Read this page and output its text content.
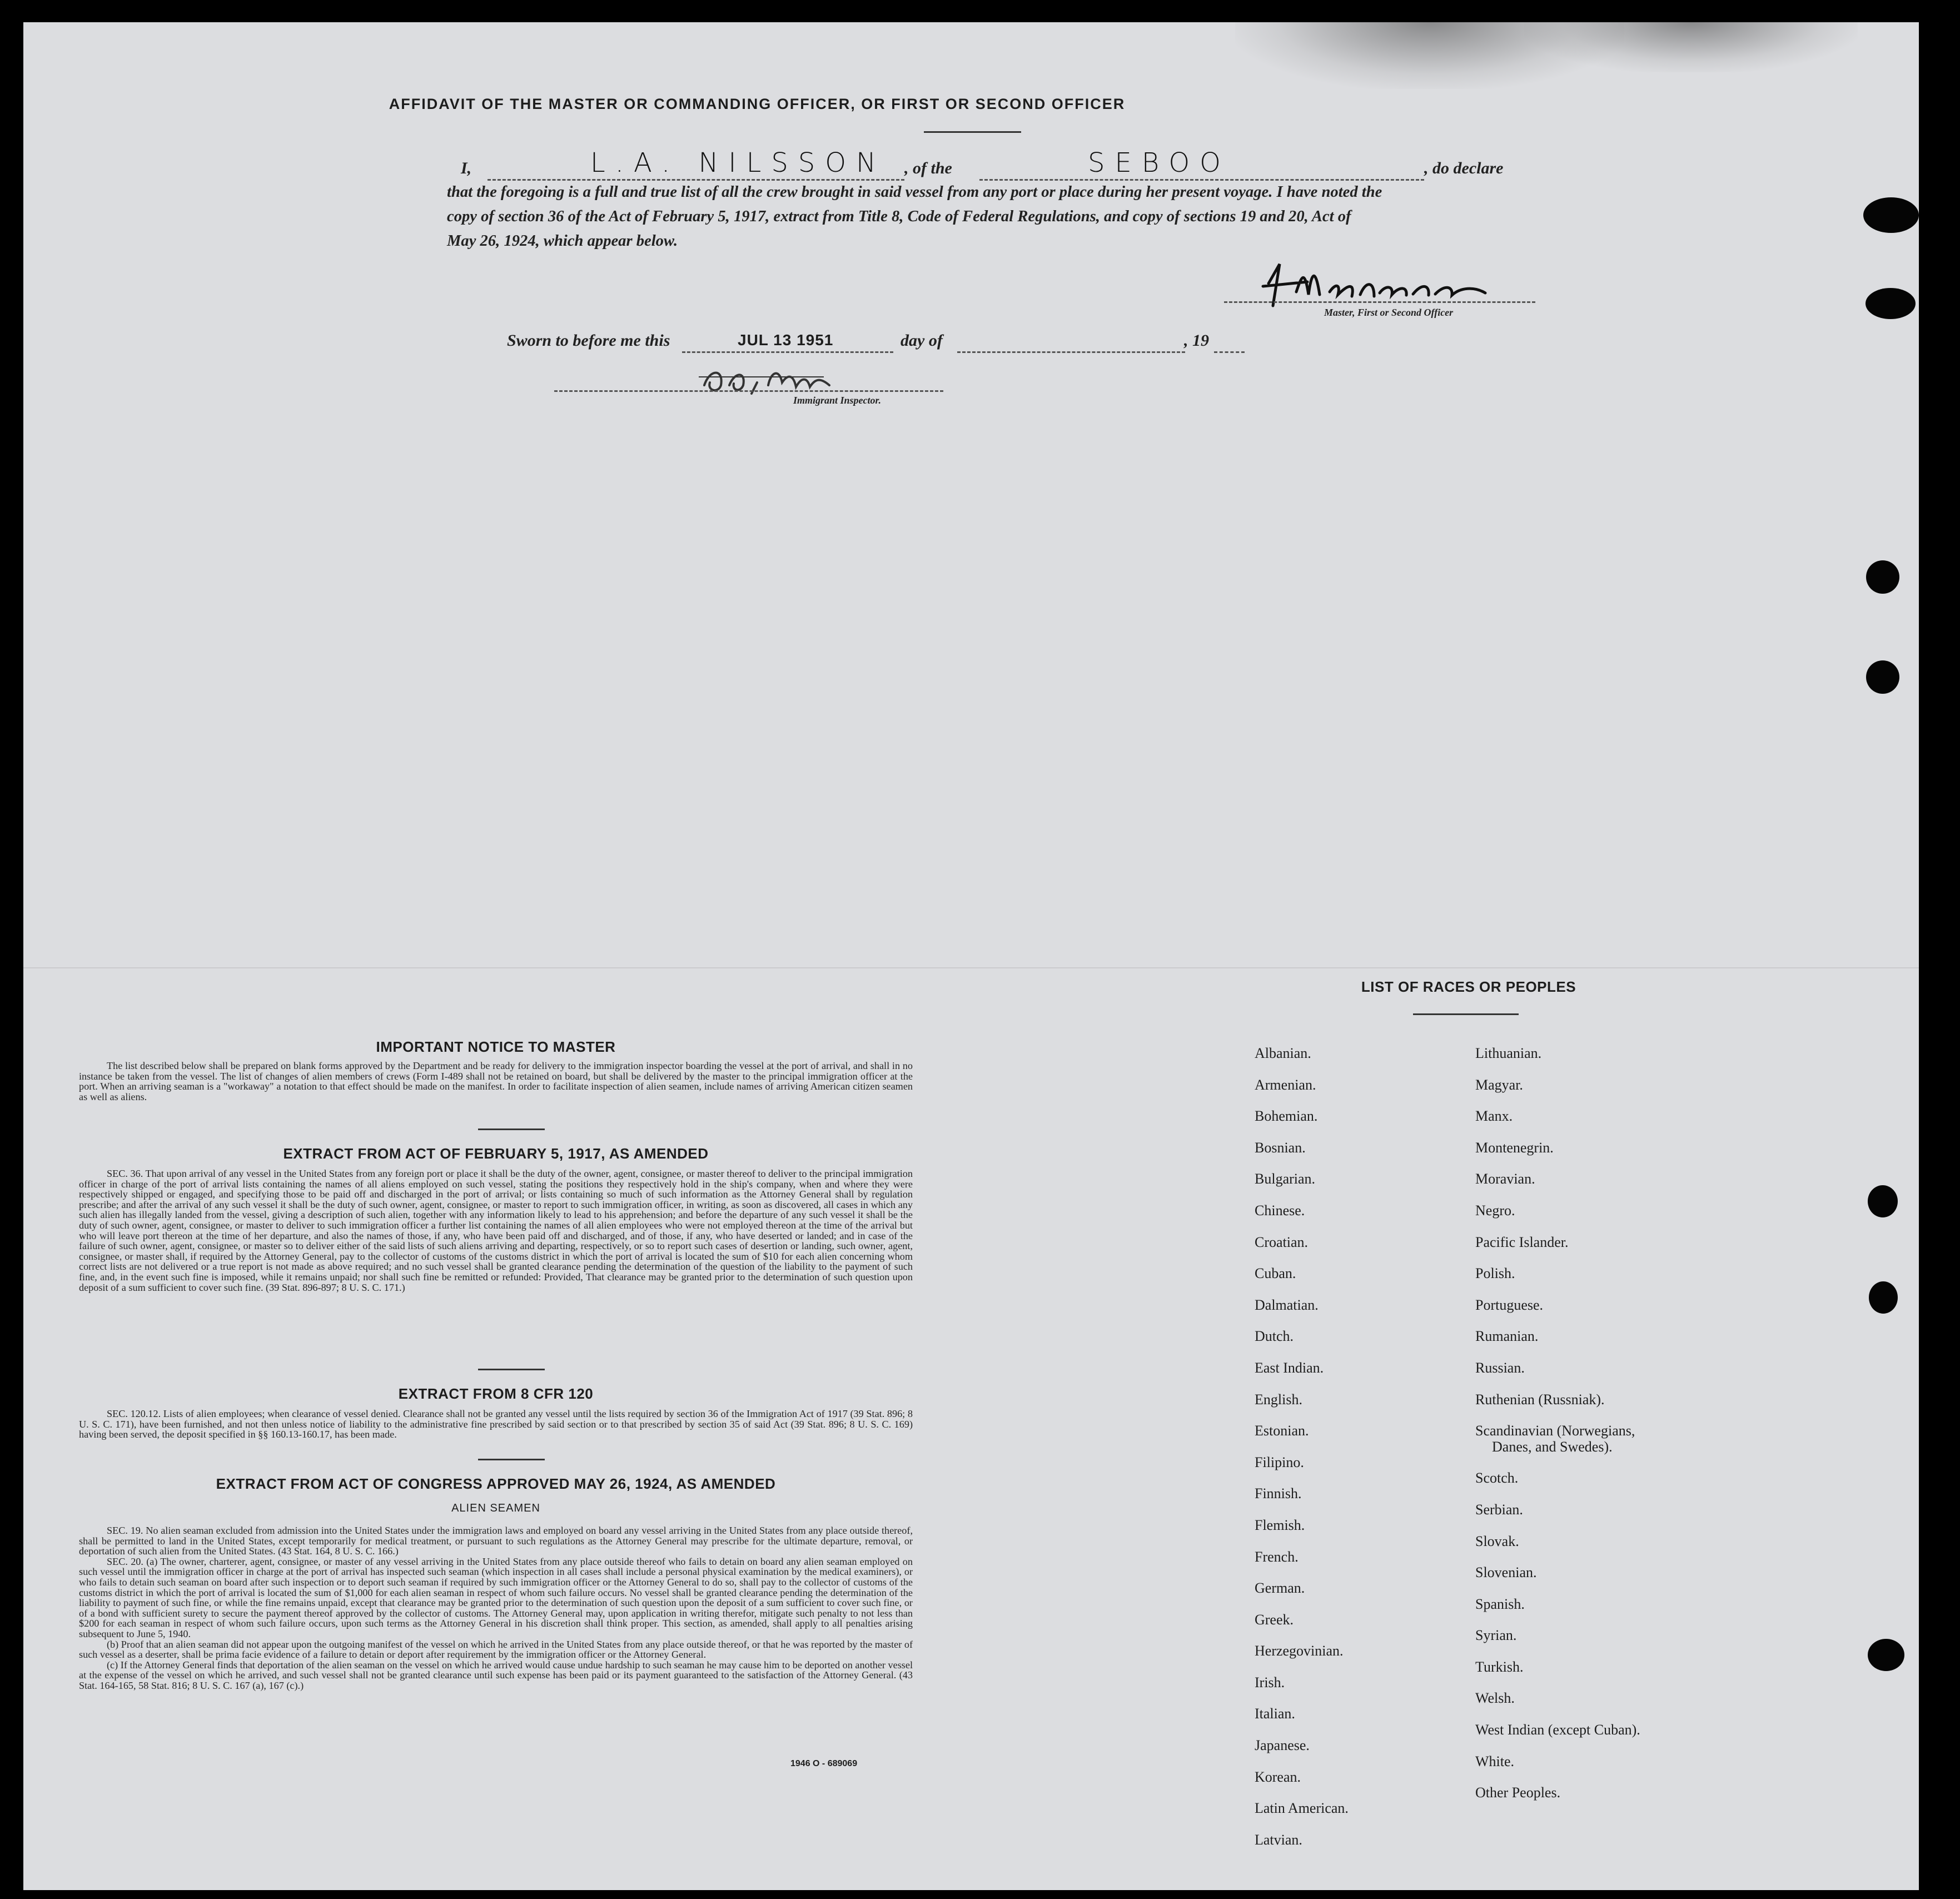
AFFIDAVIT OF THE MASTER OR COMMANDING OFFICER, OR FIRST OR SECOND OFFICER
I,	L.A. NILSSON , of the	SEBOO	, do declare
that the foregoing is a full and true list of all the crew brought in said vessel from any port or place during her present voyage. I have noted the
copy of section 36 of the Act of February 5, 1917, extract from Title 8, Code of Federal Regulations, and copy of sections 19 and 20, Act of
May 26, 1924, which appear below.
Master, First or Second Officer
Sworn to before me this	JUL 13 1951	day of	, 19
Immigrant Inspector.
IMPORTANT NOTICE TO MASTER

The list described below shall be prepared on blank forms approved by the Department and be ready for delivery to the immigration inspector boarding the vessel at the port of arrival, and shall in no instance be taken from the vessel. The list of changes of alien members of crews (Form I-489 shall not be retained on board, but shall be delivered by the master to the principal immigration officer at the port. When an arriving seaman is a "workaway" a notation to that effect should be made on the manifest. In order to facilitate inspection of alien seamen, include names of arriving American citizen seamen as well as aliens.

EXTRACT FROM ACT OF FEBRUARY 5, 1917, AS AMENDED

SEC. 36. That upon arrival of any vessel in the United States from any foreign port or place it shall be the duty of the owner, agent, consignee, or master thereof to deliver to the principal immigration officer in charge of the port of arrival lists containing the names of all aliens employed on such vessel, stating the positions they respectively hold in the ship's company, when and where they were respectively shipped or engaged, and specifying those to be paid off and discharged in the port of arrival; or lists containing so much of such information as the Attorney General shall by regulation prescribe; and after the arrival of any such vessel it shall be the duty of such owner, agent, consignee, or master to report to such immigration officer, in writing, as soon as discovered, all cases in which any such alien has illegally landed from the vessel, giving a description of such alien, together with any information likely to lead to his apprehension; and before the departure of any such vessel it shall be the duty of such owner, agent, consignee, or master to deliver to such immigration officer a further list containing the names of all alien employees who were not employed thereon at the time of the arrival but who will leave port thereon at the time of her departure, and also the names of those, if any, who have been paid off and discharged, and of those, if any, who have deserted or landed; and in case of the failure of such owner, agent, consignee, or master so to deliver either of the said lists of such aliens arriving and departing, respectively, or so to report such cases of desertion or landing, such owner, agent, consignee, or master shall, if required by the Attorney General, pay to the collector of customs of the customs district in which the port of arrival is located the sum of $10 for each alien concerning whom correct lists are not delivered or a true report is not made as above required; and no such vessel shall be granted clearance pending the determination of the question of the liability to the payment of such fine, and, in the event such fine is imposed, while it remains unpaid; nor shall such fine be remitted or refunded: Provided, That clearance may be granted prior to the determination of such question upon deposit of a sum sufficient to cover such fine. (39 Stat. 896-897; 8 U. S. C. 171.)

EXTRACT FROM 8 CFR 120

SEC. 120.12. Lists of alien employees; when clearance of vessel denied. Clearance shall not be granted any vessel until the lists required by section 36 of the Immigration Act of 1917 (39 Stat. 896; 8 U. S. C. 171), have been furnished, and not then unless notice of liability to the administrative fine prescribed by said section or to that prescribed by section 35 of said Act (39 Stat. 896; 8 U. S. C. 169) having been served, the deposit specified in §§ 160.13-160.17, has been made.

EXTRACT FROM ACT OF CONGRESS APPROVED MAY 26, 1924, AS AMENDED
ALIEN SEAMEN

SEC. 19. No alien seaman excluded from admission into the United States under the immigration laws and employed on board any vessel arriving in the United States from any place outside thereof, shall be permitted to land in the United States, except temporarily for medical treatment, or pursuant to such regulations as the Attorney General may prescribe for the ultimate departure, removal, or deportation of such alien from the United States. (43 Stat. 164, 8 U. S. C. 166.)

SEC. 20. (a) The owner, charterer, agent, consignee, or master of any vessel arriving in the United States from any place outside thereof who fails to detain on board any alien seaman employed on such vessel until the immigration officer in charge at the port of arrival has inspected such seaman (which inspection in all cases shall include a personal physical examination by the medical examiners), or who fails to detain such seaman on board after such inspection or to deport such seaman if required by such immigration officer or the Attorney General to do so, shall pay to the collector of customs of the customs district in which the port of arrival is located the sum of $1,000 for each alien seaman in respect of whom such failure occurs. No vessel shall be granted clearance pending the determination of the liability to payment of such fine, or while the fine remains unpaid, except that clearance may be granted prior to the determination of such question upon the deposit of a sum sufficient to cover such fine, or of a bond with sufficient surety to secure the payment thereof approved by the collector of customs. The Attorney General may, upon application in writing therefor, mitigate such penalty to not less than $200 for each seaman in respect of whom such failure occurs, upon such terms as the Attorney General in his discretion shall think proper. This section, as amended, shall apply to all penalties arising subsequent to June 5, 1940.

(b) Proof that an alien seaman did not appear upon the outgoing manifest of the vessel on which he arrived in the United States from any place outside thereof, or that he was reported by the master of such vessel as a deserter, shall be prima facie evidence of a failure to detain or deport after requirement by the immigration officer or the Attorney General.

(c) If the Attorney General finds that deportation of the alien seaman on the vessel on which he arrived would cause undue hardship to such seaman he may cause him to be deported on another vessel at the expense of the vessel on which he arrived, and such vessel shall not be granted clearance until such expense has been paid or its payment guaranteed to the satisfaction of the Attorney General. (43 Stat. 164-165, 58 Stat. 816; 8 U. S. C. 167 (a), 167 (c).)

1946 O - 689069
LIST OF RACES OR PEOPLES
Albanian.
Armenian.
Bohemian.
Bosnian.
Bulgarian.
Chinese.
Croatian.
Cuban.
Dalmatian.
Dutch.
East Indian.
English.
Estonian.
Filipino.
Finnish.
Flemish.
French.
German.
Greek.
Herzegovinian.
Irish.
Italian.
Japanese.
Korean.
Latin American.
Latvian.
Lithuanian.
Magyar.
Manx.
Montenegrin.
Moravian.
Negro.
Pacific Islander.
Polish.
Portuguese.
Rumanian.
Russian.
Ruthenian (Russniak).
Scandinavian (Norwegians,
Danes, and Swedes).
Scotch.
Serbian.
Slovak.
Slovenian.
Spanish.
Syrian.
Turkish.
Welsh.
West Indian (except Cuban).
White.
Other Peoples.
